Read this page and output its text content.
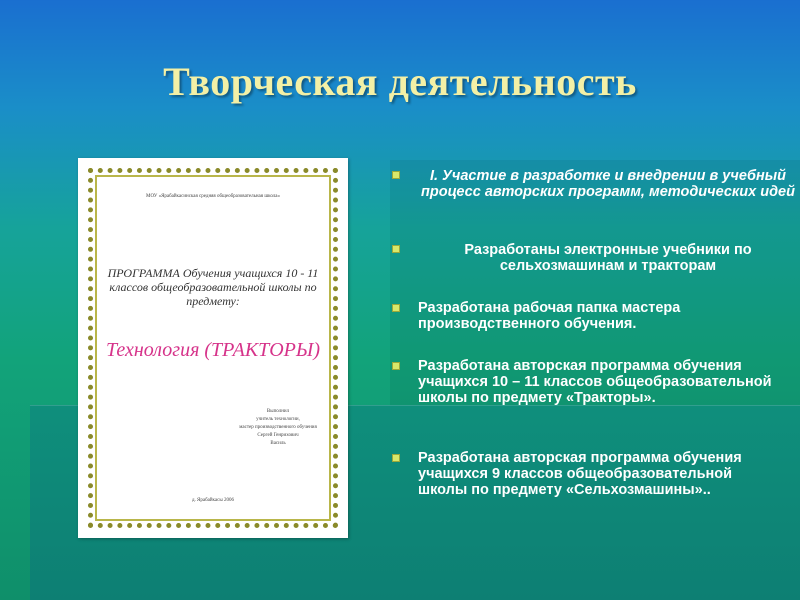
Творческая деятельность
МОУ «Ярабайкасинская средняя общеобразовательная школа»
ПРОГРАММА Обучения учащихся 10 - 11 классов общеобразовательной школы по предмету:
Технология (ТРАКТОРЫ)
Выполнил
учитель технологии,
мастер производственного обучения
Сергей Генрихович
Василь
д. Ярабайкасы 2006
I. Участие в разработке и внедрении в учебный процесс авторских программ, методических идей
Разработаны электронные учебники по сельхозмашинам и тракторам
Разработана рабочая папка мастера производственного обучения.
Разработана авторская программа обучения учащихся 10 – 11 классов общеобразовательной школы по предмету «Тракторы».
Разработана авторская программа обучения учащихся 9 классов общеобразовательной школы по предмету «Сельхозмашины»..
